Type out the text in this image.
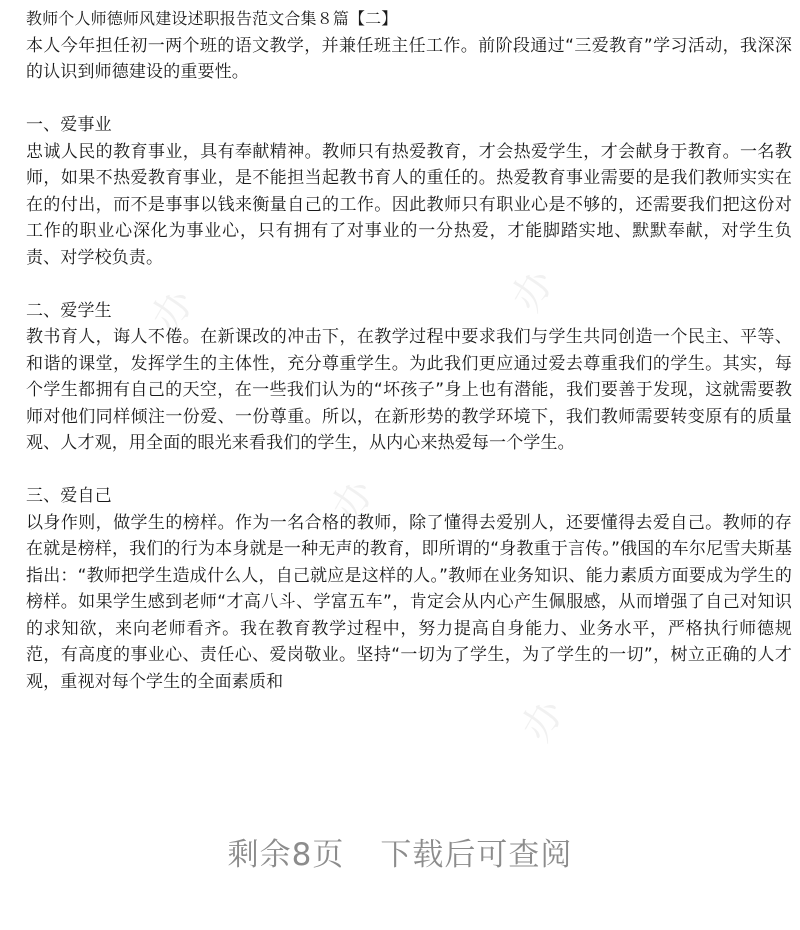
办	办
办
办

教师个人师德师风建设述职报告范文合集８篇【二】

本人今年担任初一两个班的语文教学，并兼任班主任工作。前阶段通过“三爱教育”学习活动，我深深的认识到师德建设的重要性。

一、爱事业

忠诚人民的教育事业，具有奉献精神。教师只有热爱教育，才会热爱学生，才会献身于教育。一名教师，如果不热爱教育事业，是不能担当起教书育人的重任的。热爱教育事业需要的是我们教师实实在在的付出，而不是事事以钱来衡量自己的工作。因此教师只有职业心是不够的，还需要我们把这份对工作的职业心深化为事业心，只有拥有了对事业的一分热爱，才能脚踏实地、默默奉献，对学生负责、对学校负责。

二、爱学生

教书育人，诲人不倦。在新课改的冲击下，在教学过程中要求我们与学生共同创造一个民主、平等、和谐的课堂，发挥学生的主体性，充分尊重学生。为此我们更应通过爱去尊重我们的学生。其实，每个学生都拥有自己的天空，在一些我们认为的“坏孩子”身上也有潜能，我们要善于发现，这就需要教师对他们同样倾注一份爱、一份尊重。所以，在新形势的教学环境下，我们教师需要转变原有的质量观、人才观，用全面的眼光来看我们的学生，从内心来热爱每一个学生。

三、爱自己

以身作则，做学生的榜样。作为一名合格的教师，除了懂得去爱别人，还要懂得去爱自己。教师的存在就是榜样，我们的行为本身就是一种无声的教育，即所谓的“身教重于言传。”俄国的车尔尼雪夫斯基指出：“教师把学生造成什么人，自己就应是这样的人。”教师在业务知识、能力素质方面要成为学生的榜样。如果学生感到老师“才高八斗、学富五车”，肯定会从内心产生佩服感，从而增强了自己对知识的求知欲，来向老师看齐。我在教育教学过程中，努力提高自身能力、业务水平，严格执行师德规范，有高度的事业心、责任心、爱岗敬业。坚持“一切为了学生，为了学生的一切”，树立正确的人才观，重视对每个学生的全面素质和

剩余8页 下载后可查阅
